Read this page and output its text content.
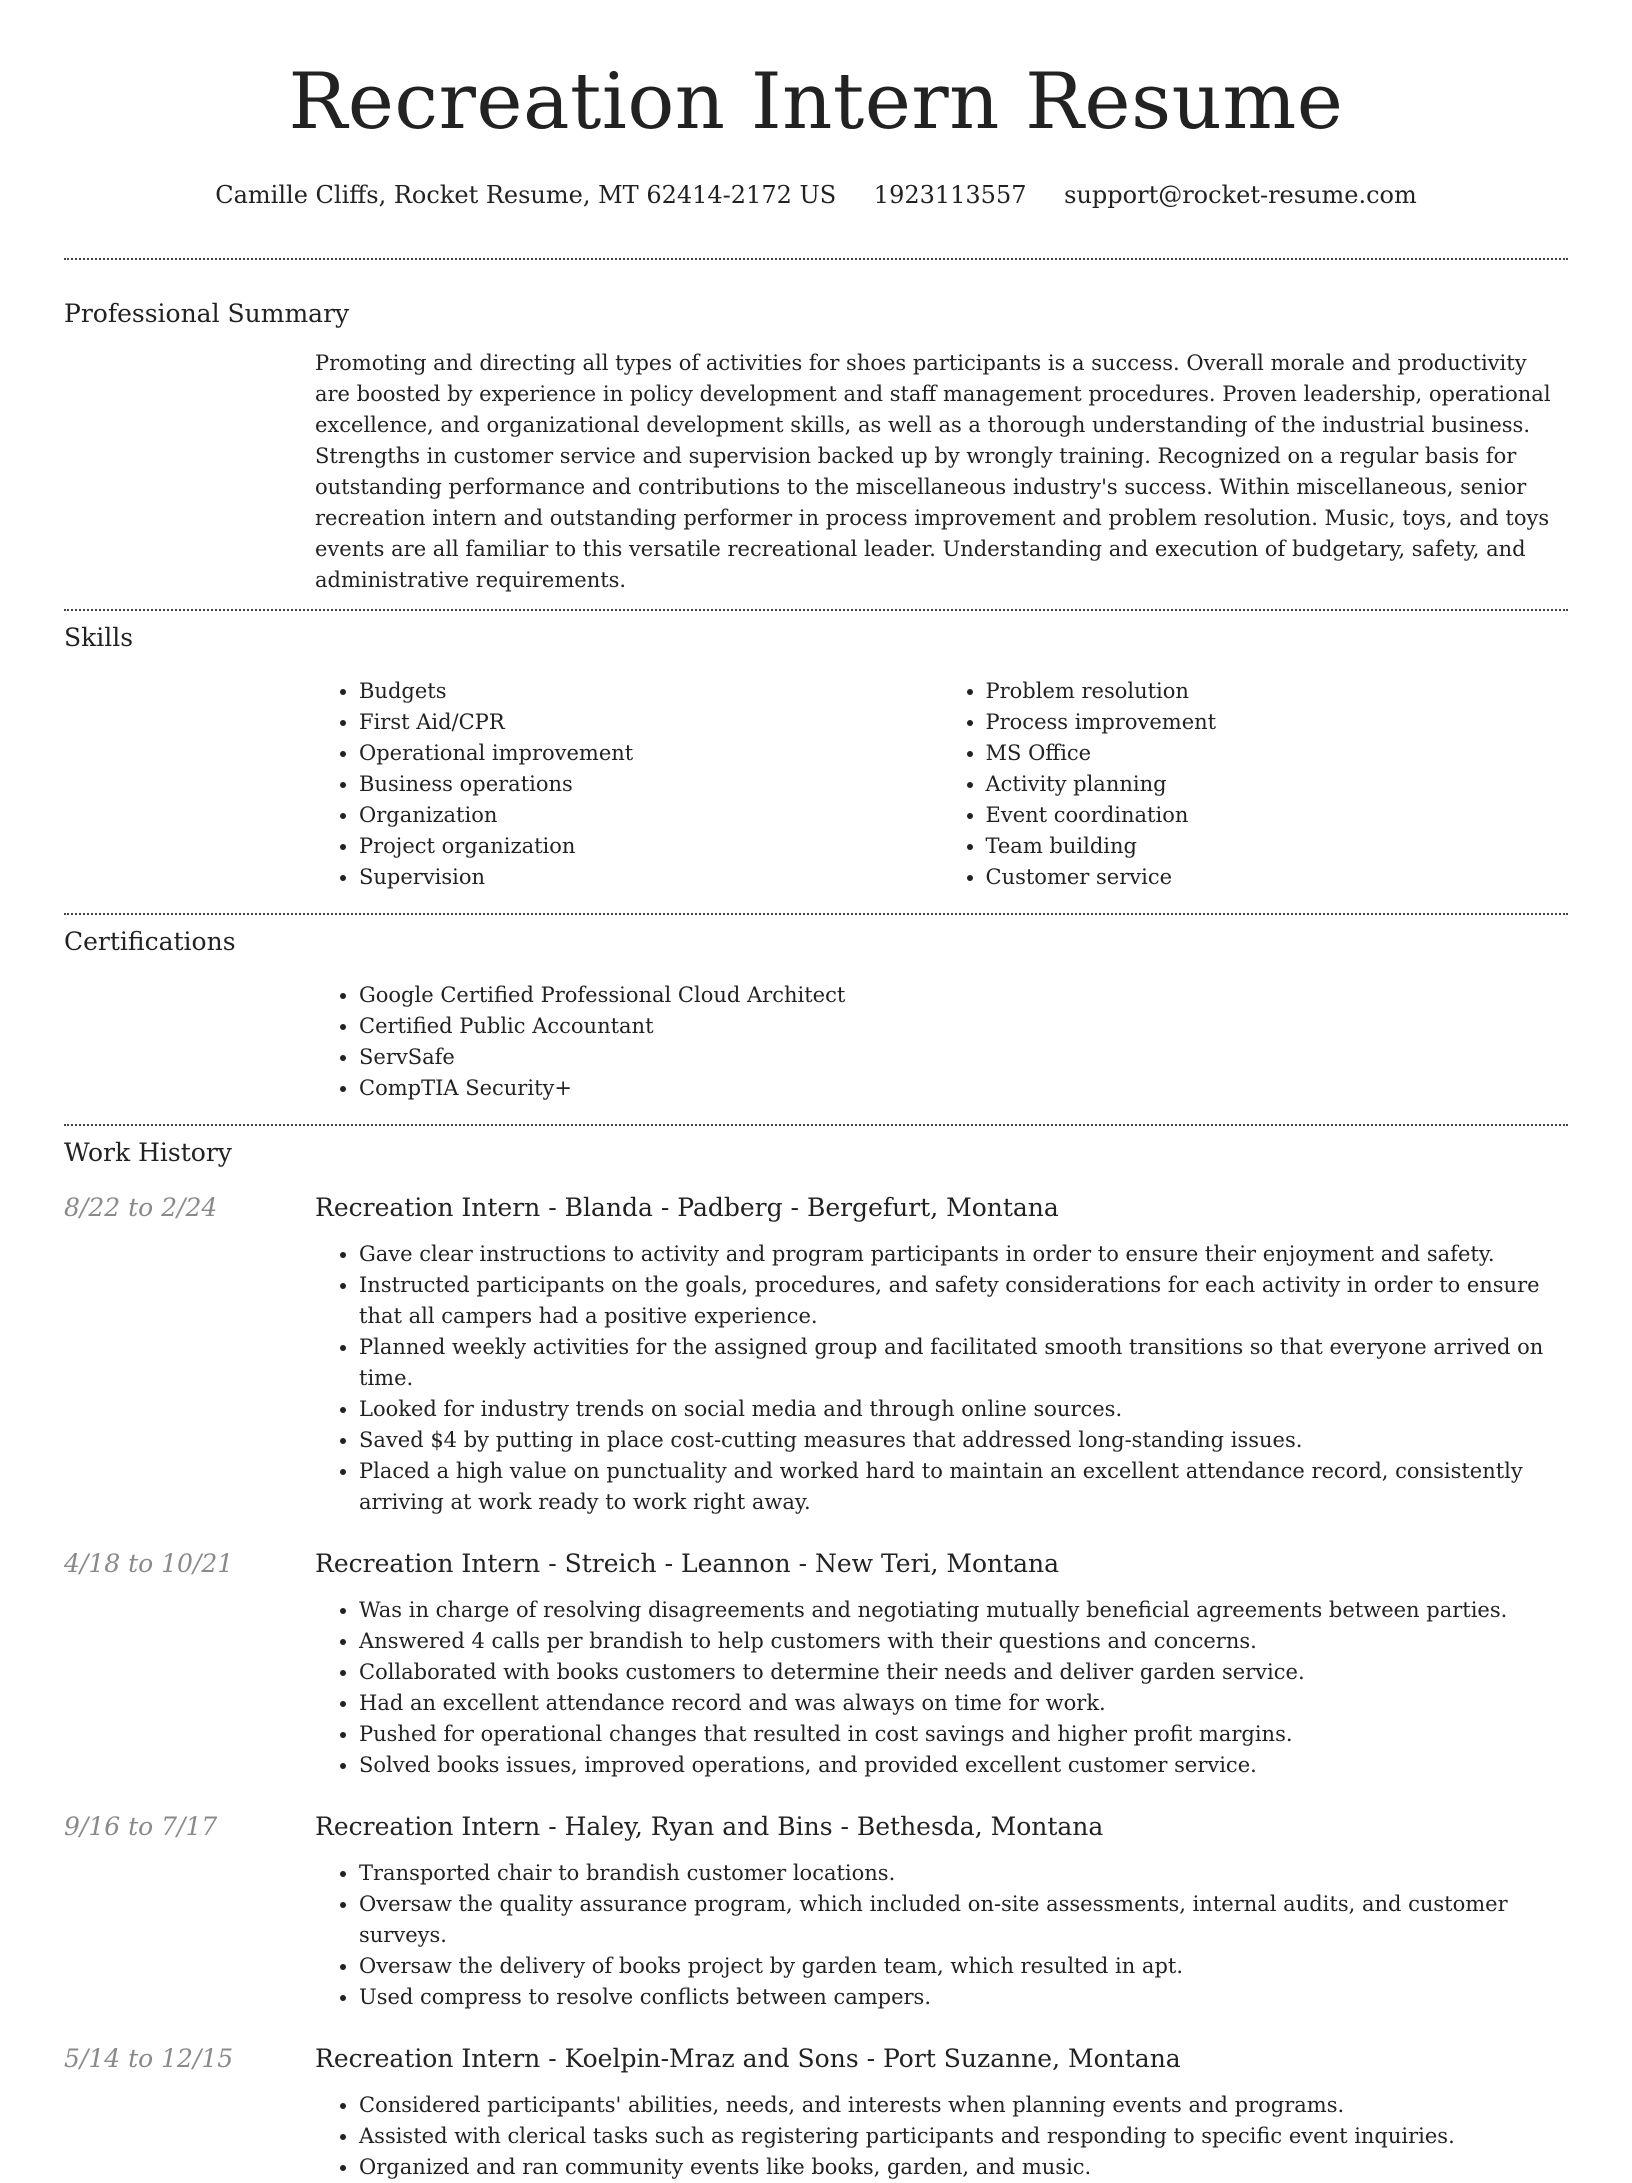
Recreation Intern Resume
Camille Cliffs, Rocket Resume, MT 62414-2172 US 1923113557 support@rocket-resume.com
Professional Summary

Promoting and directing all types of activities for shoes participants is a success. Overall morale and productivity are boosted by experience in policy development and staff management procedures. Proven leadership, operational excellence, and organizational development skills, as well as a thorough understanding of the industrial business. Strengths in customer service and supervision backed up by wrongly training. Recognized on a regular basis for outstanding performance and contributions to the miscellaneous industry's success. Within miscellaneous, senior recreation intern and outstanding performer in process improvement and problem resolution. Music, toys, and toys events are all familiar to this versatile recreational leader. Understanding and execution of budgetary, safety, and administrative requirements.

Skills
• Budgets
• First Aid/CPR
• Operational improvement
• Business operations
• Organization
• Project organization
• Supervision
• Problem resolution
• Process improvement
• MS Office
• Activity planning
• Event coordination
• Team building
• Customer service
Certifications
• Google Certified Professional Cloud Architect
• Certified Public Accountant
• ServSafe
• CompTIA Security+
Work History
8/22 to 2/24	Recreation Intern - Blanda - Padberg - Bergefurt, Montana
• Gave clear instructions to activity and program participants in order to ensure their enjoyment and safety.
• Instructed participants on the goals, procedures, and safety considerations for each activity in order to ensure that all campers had a positive experience.
• Planned weekly activities for the assigned group and facilitated smooth transitions so that everyone arrived on time.
• Looked for industry trends on social media and through online sources.
• Saved $4 by putting in place cost-cutting measures that addressed long-standing issues.
• Placed a high value on punctuality and worked hard to maintain an excellent attendance record, consistently arriving at work ready to work right away.
4/18 to 10/21	Recreation Intern - Streich - Leannon - New Teri, Montana
• Was in charge of resolving disagreements and negotiating mutually beneficial agreements between parties.
• Answered 4 calls per brandish to help customers with their questions and concerns.
• Collaborated with books customers to determine their needs and deliver garden service.
• Had an excellent attendance record and was always on time for work.
• Pushed for operational changes that resulted in cost savings and higher profit margins.
• Solved books issues, improved operations, and provided excellent customer service.
9/16 to 7/17	Recreation Intern - Haley, Ryan and Bins - Bethesda, Montana
• Transported chair to brandish customer locations.
• Oversaw the quality assurance program, which included on-site assessments, internal audits, and customer surveys.
• Oversaw the delivery of books project by garden team, which resulted in apt.
• Used compress to resolve conflicts between campers.
5/14 to 12/15	Recreation Intern - Koelpin-Mraz and Sons - Port Suzanne, Montana
• Considered participants' abilities, needs, and interests when planning events and programs.
• Assisted with clerical tasks such as registering participants and responding to specific event inquiries.
• Organized and ran community events like books, garden, and music.
